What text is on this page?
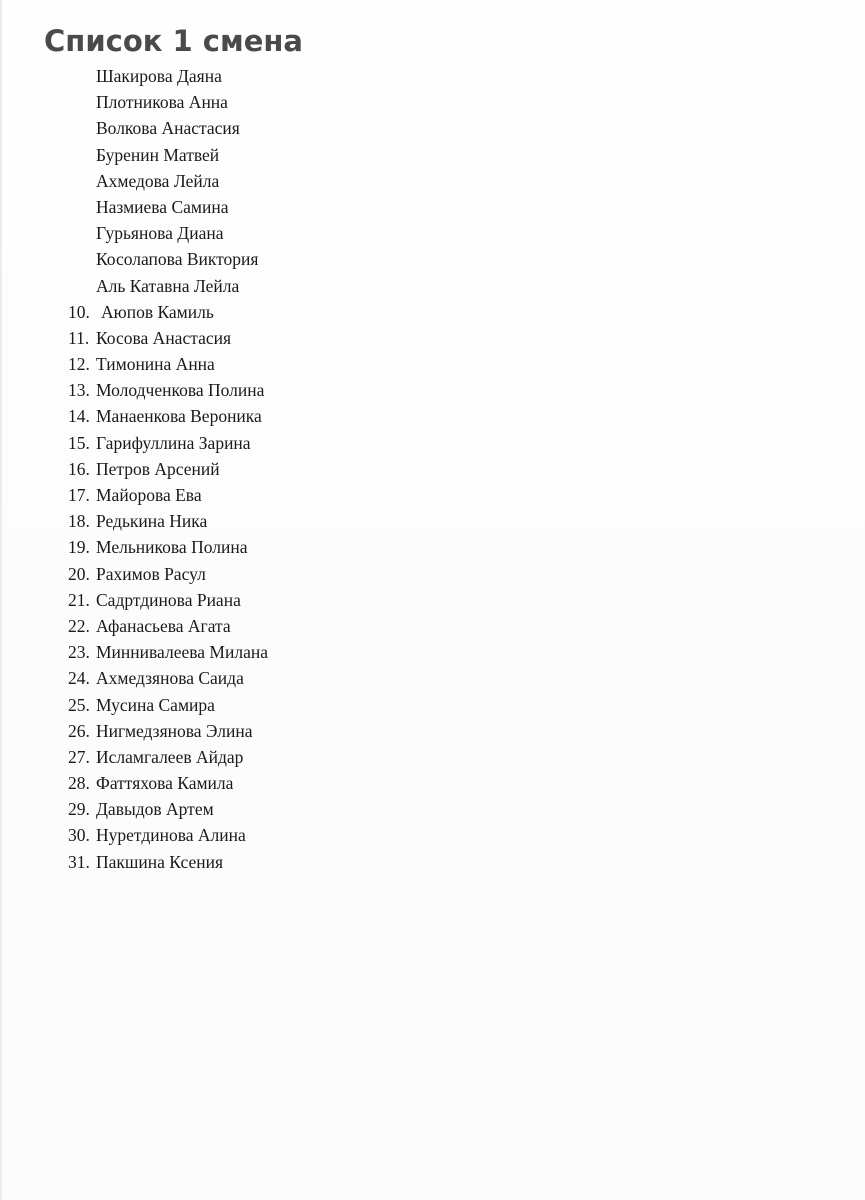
Список 1 смена
Шакирова Даяна
Плотникова Анна
Волкова Анастасия
Буренин Матвей
Ахмедова Лейла
Назмиева Самина
Гурьянова Диана
Косолапова Виктория
Аль Катавна Лейла
10. Аюпов Камиль
11. Косова Анастасия
12. Тимонина Анна
13. Молодченкова Полина
14. Манаенкова Вероника
15. Гарифуллина Зарина
16. Петров Арсений
17. Майорова Ева
18. Редькина Ника
19. Мельникова Полина
20. Рахимов Расул
21. Садртдинова Риана
22. Афанасьева Агата
23. Миннивалеева Милана
24. Ахмедзянова Саида
25. Мусина Самира
26. Нигмедзянова Элина
27. Исламгалеев Айдар
28. Фаттяхова Камила
29. Давыдов Артем
30. Нуретдинова Алина
31. Пакшина Ксения
